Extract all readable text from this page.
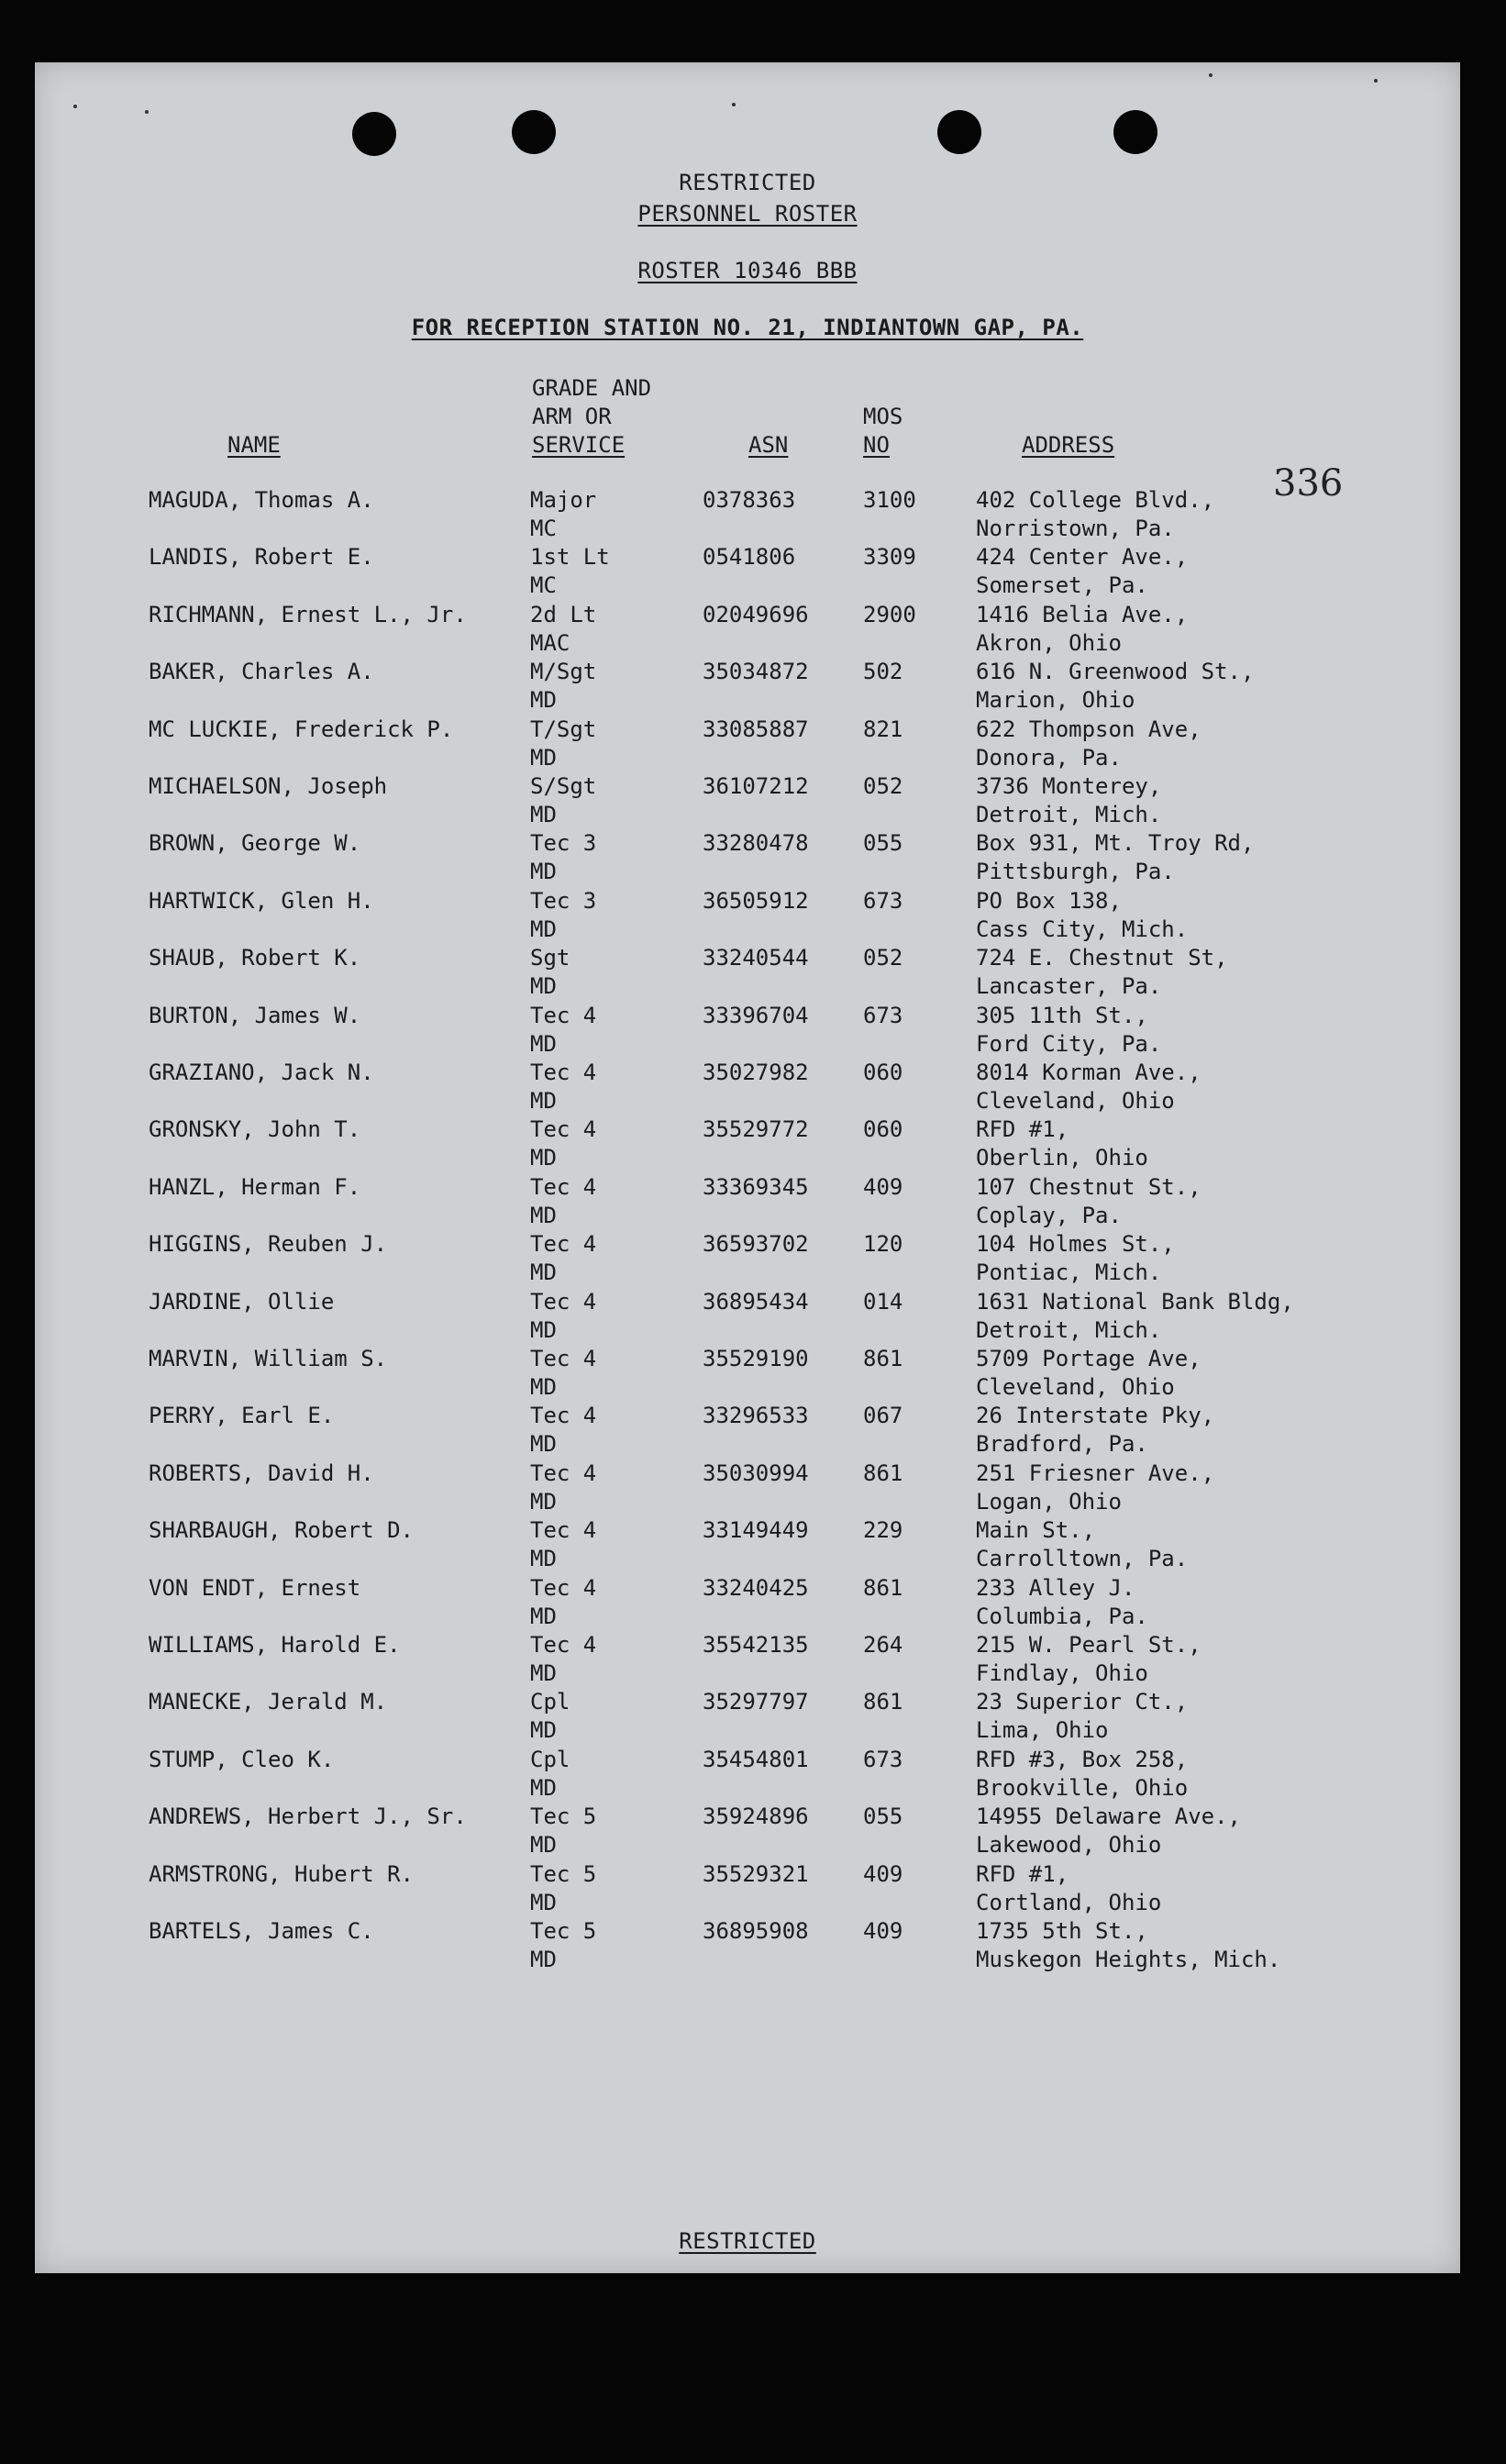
RESTRICTED
PERSONNEL ROSTER
ROSTER 10346 BBB
FOR RECEPTION STATION NO. 21, INDIANTOWN GAP, PA.
336
NAME
GRADE AND
ARM OR
SERVICE	ASN
MOS
NO	ADDRESS
MAGUDA, Thomas A.	Major	0378363	3100	402 College Blvd.,
MC	Norristown, Pa.
LANDIS, Robert E.	1st Lt	0541806	3309	424 Center Ave.,
MC	Somerset, Pa.
RICHMANN, Ernest L., Jr.	2d Lt	02049696 2900	1416 Belia Ave.,
MAC	Akron, Ohio
BAKER, Charles A.	M/Sgt	35034872 502	616 N. Greenwood St.,
MD	Marion, Ohio
MC LUCKIE, Frederick P.	T/Sgt	33085887 821	622 Thompson Ave,
MD	Donora, Pa.
MICHAELSON, Joseph	S/Sgt	36107212 052	3736 Monterey,
MD	Detroit, Mich.
BROWN, George W.	Tec 3	33280478 055	Box 931, Mt. Troy Rd,
MD	Pittsburgh, Pa.
HARTWICK, Glen H.	Tec 3	36505912 673	PO Box 138,
MD	Cass City, Mich.
SHAUB, Robert K.	Sgt	33240544 052	724 E. Chestnut St,
MD	Lancaster, Pa.
BURTON, James W.	Tec 4	33396704 673	305 11th St.,
MD	Ford City, Pa.
GRAZIANO, Jack N.	Tec 4	35027982 060	8014 Korman Ave.,
MD	Cleveland, Ohio
GRONSKY, John T.	Tec 4	35529772 060	RFD #1,
MD	Oberlin, Ohio
HANZL, Herman F.	Tec 4	33369345 409	107 Chestnut St.,
MD	Coplay, Pa.
HIGGINS, Reuben J.	Tec 4	36593702 120	104 Holmes St.,
MD	Pontiac, Mich.
JARDINE, Ollie	Tec 4	36895434 014	1631 National Bank Bldg,
MD	Detroit, Mich.
MARVIN, William S.	Tec 4	35529190 861	5709 Portage Ave,
MD	Cleveland, Ohio
PERRY, Earl E.	Tec 4	33296533 067	26 Interstate Pky,
MD	Bradford, Pa.
ROBERTS, David H.	Tec 4	35030994 861	251 Friesner Ave.,
MD	Logan, Ohio
SHARBAUGH, Robert D.	Tec 4	33149449 229	Main St.,
MD	Carrolltown, Pa.
VON ENDT, Ernest	Tec 4	33240425 861	233 Alley J.
MD	Columbia, Pa.
WILLIAMS, Harold E.	Tec 4	35542135 264	215 W. Pearl St.,
MD	Findlay, Ohio
MANECKE, Jerald M.	Cpl	35297797 861	23 Superior Ct.,
MD	Lima, Ohio
STUMP, Cleo K.	Cpl	35454801 673	RFD #3, Box 258,
MD	Brookville, Ohio
ANDREWS, Herbert J., Sr.	Tec 5	35924896 055	14955 Delaware Ave.,
MD	Lakewood, Ohio
ARMSTRONG, Hubert R.	Tec 5	35529321 409	RFD #1,
MD	Cortland, Ohio
BARTELS, James C.	Tec 5	36895908 409	1735 5th St.,
MD	Muskegon Heights, Mich.
RESTRICTED
